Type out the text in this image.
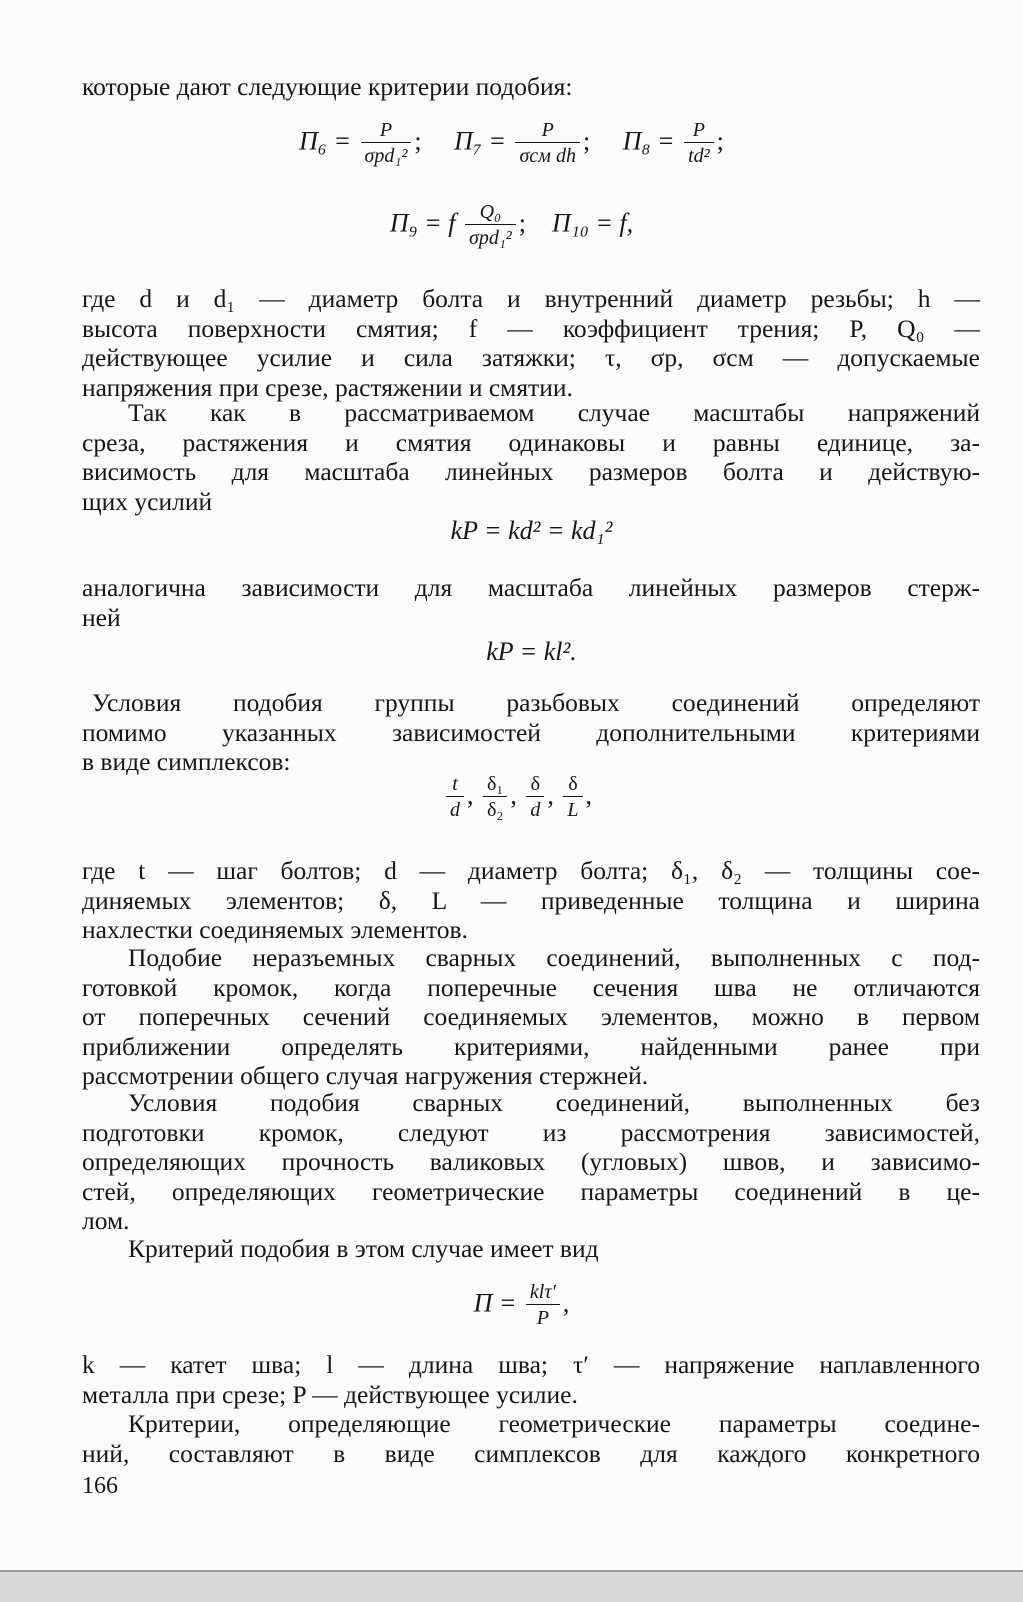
которые дают следующие критерии подобия:
$П_6 = \frac{P}{\text{σрd₁²}}$ ;     $П_7 = \frac{P}{\text{σсм dh}}$ ;     $П_8 = \frac{P}{\text{td²}}$ ;
П₉ = f $\frac{\text{Q₀}}{\text{σрd₁²}}$ ;    П₁₀ = f,
где d и d₁ — диаметр болта и внутренний диаметр резьбы; h —
высота поверхности смятия; f — коэффициент трения; P, Q₀ —
действующее усилие и сила затяжки; τ, σр, σсм — допускаемые
напряжения при срезе, растяжении и смятии.
Так как в рассматриваемом случае масштабы напряжений
среза, растяжения и смятия одинаковы и равны единице, за-
висимость для масштаба линейных размеров болта и действую-
щих усилий
kP = kd² = kd₁²
аналогична зависимости для масштаба линейных размеров стерж-
ней
kP = kl².
Условия подобия группы разьбовых соединений определяют
помимо указанных зависимостей дополнительными критериями
в виде симплексов:
$\frac{t}{d}$ , $\frac{\text{δ₁}}{\text{δ₂}}$ , $\frac{\delta}{d}$ , $\frac{\delta}{L}$ ,
где t — шаг болтов; d — диаметр болта; δ₁, δ₂ — толщины сое-
диняемых элементов; δ, L — приведенные толщина и ширина
нахлестки соединяемых элементов.
Подобие неразъемных сварных соединений, выполненных с под-
готовкой кромок, когда поперечные сечения шва не отличаются
от поперечных сечений соединяемых элементов, можно в первом
приближении определять критериями, найденными ранее при
рассмотрении общего случая нагружения стержней.
Условия подобия сварных соединений, выполненных без
подготовки кромок, следуют из рассмотрения зависимостей,
определяющих прочность валиковых (угловых) швов, и зависимо-
стей, определяющих геометрические параметры соединений в це-
лом.
Критерий подобия в этом случае имеет вид
$П = \frac{\text{klτ′}}{P}$ ,
k — катет шва; l — длина шва; τ′ — напряжение наплавленного
металла при срезе; P — действующее усилие.
Критерии, определяющие геометрические параметры соедине-
ний, составляют в виде симплексов для каждого конкретного
166
